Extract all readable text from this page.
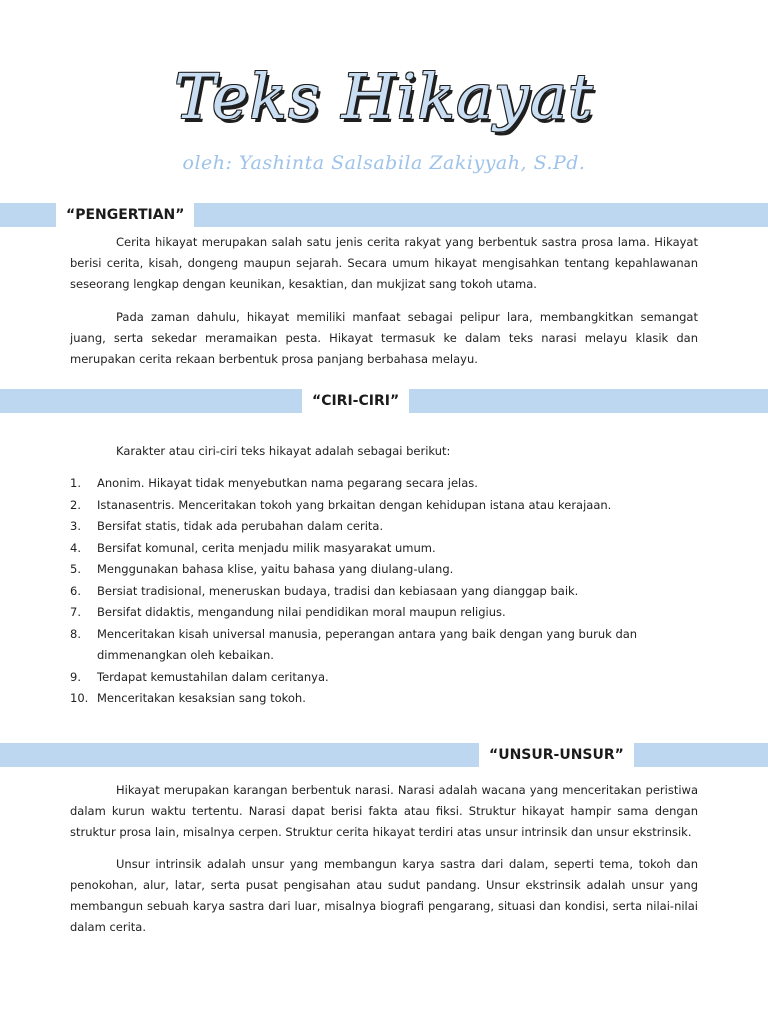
Teks Hikayat
oleh: Yashinta Salsabila Zakiyyah, S.Pd.
“PENGERTIAN”

Cerita hikayat merupakan salah satu jenis cerita rakyat yang berbentuk sastra prosa lama. Hikayat berisi cerita, kisah, dongeng maupun sejarah. Secara umum hikayat mengisahkan tentang kepahlawanan seseorang lengkap dengan keunikan, kesaktian, dan mukjizat sang tokoh utama.

Pada zaman dahulu, hikayat memiliki manfaat sebagai pelipur lara, membangkitkan semangat juang, serta sekedar meramaikan pesta. Hikayat termasuk ke dalam teks narasi melayu klasik dan merupakan cerita rekaan berbentuk prosa panjang berbahasa melayu.

“CIRI-CIRI”
Karakter atau ciri-ciri teks hikayat adalah sebagai berikut:
1.	Anonim. Hikayat tidak menyebutkan nama pegarang secara jelas.
2.	Istanasentris. Menceritakan tokoh yang brkaitan dengan kehidupan istana atau kerajaan.
3.	Bersifat statis, tidak ada perubahan dalam cerita.
4.	Bersifat komunal, cerita menjadu milik masyarakat umum.
5.	Menggunakan bahasa klise, yaitu bahasa yang diulang-ulang.
6.	Bersiat tradisional, meneruskan budaya, tradisi dan kebiasaan yang dianggap baik.
7.	Bersifat didaktis, mengandung nilai pendidikan moral maupun religius.
8.	Menceritakan kisah universal manusia, peperangan antara yang baik dengan yang buruk dan dimmenangkan oleh kebaikan.
9.	Terdapat kemustahilan dalam ceritanya.
10. Menceritakan kesaksian sang tokoh.
“UNSUR-UNSUR”

Hikayat merupakan karangan berbentuk narasi. Narasi adalah wacana yang menceritakan peristiwa dalam kurun waktu tertentu. Narasi dapat berisi fakta atau fiksi. Struktur hikayat hampir sama dengan struktur prosa lain, misalnya cerpen. Struktur cerita hikayat terdiri atas unsur intrinsik dan unsur ekstrinsik.

Unsur intrinsik adalah unsur yang membangun karya sastra dari dalam, seperti tema, tokoh dan penokohan, alur, latar, serta pusat pengisahan atau sudut pandang. Unsur ekstrinsik adalah unsur yang membangun sebuah karya sastra dari luar, misalnya biografi pengarang, situasi dan kondisi, serta nilai-nilai dalam cerita.
